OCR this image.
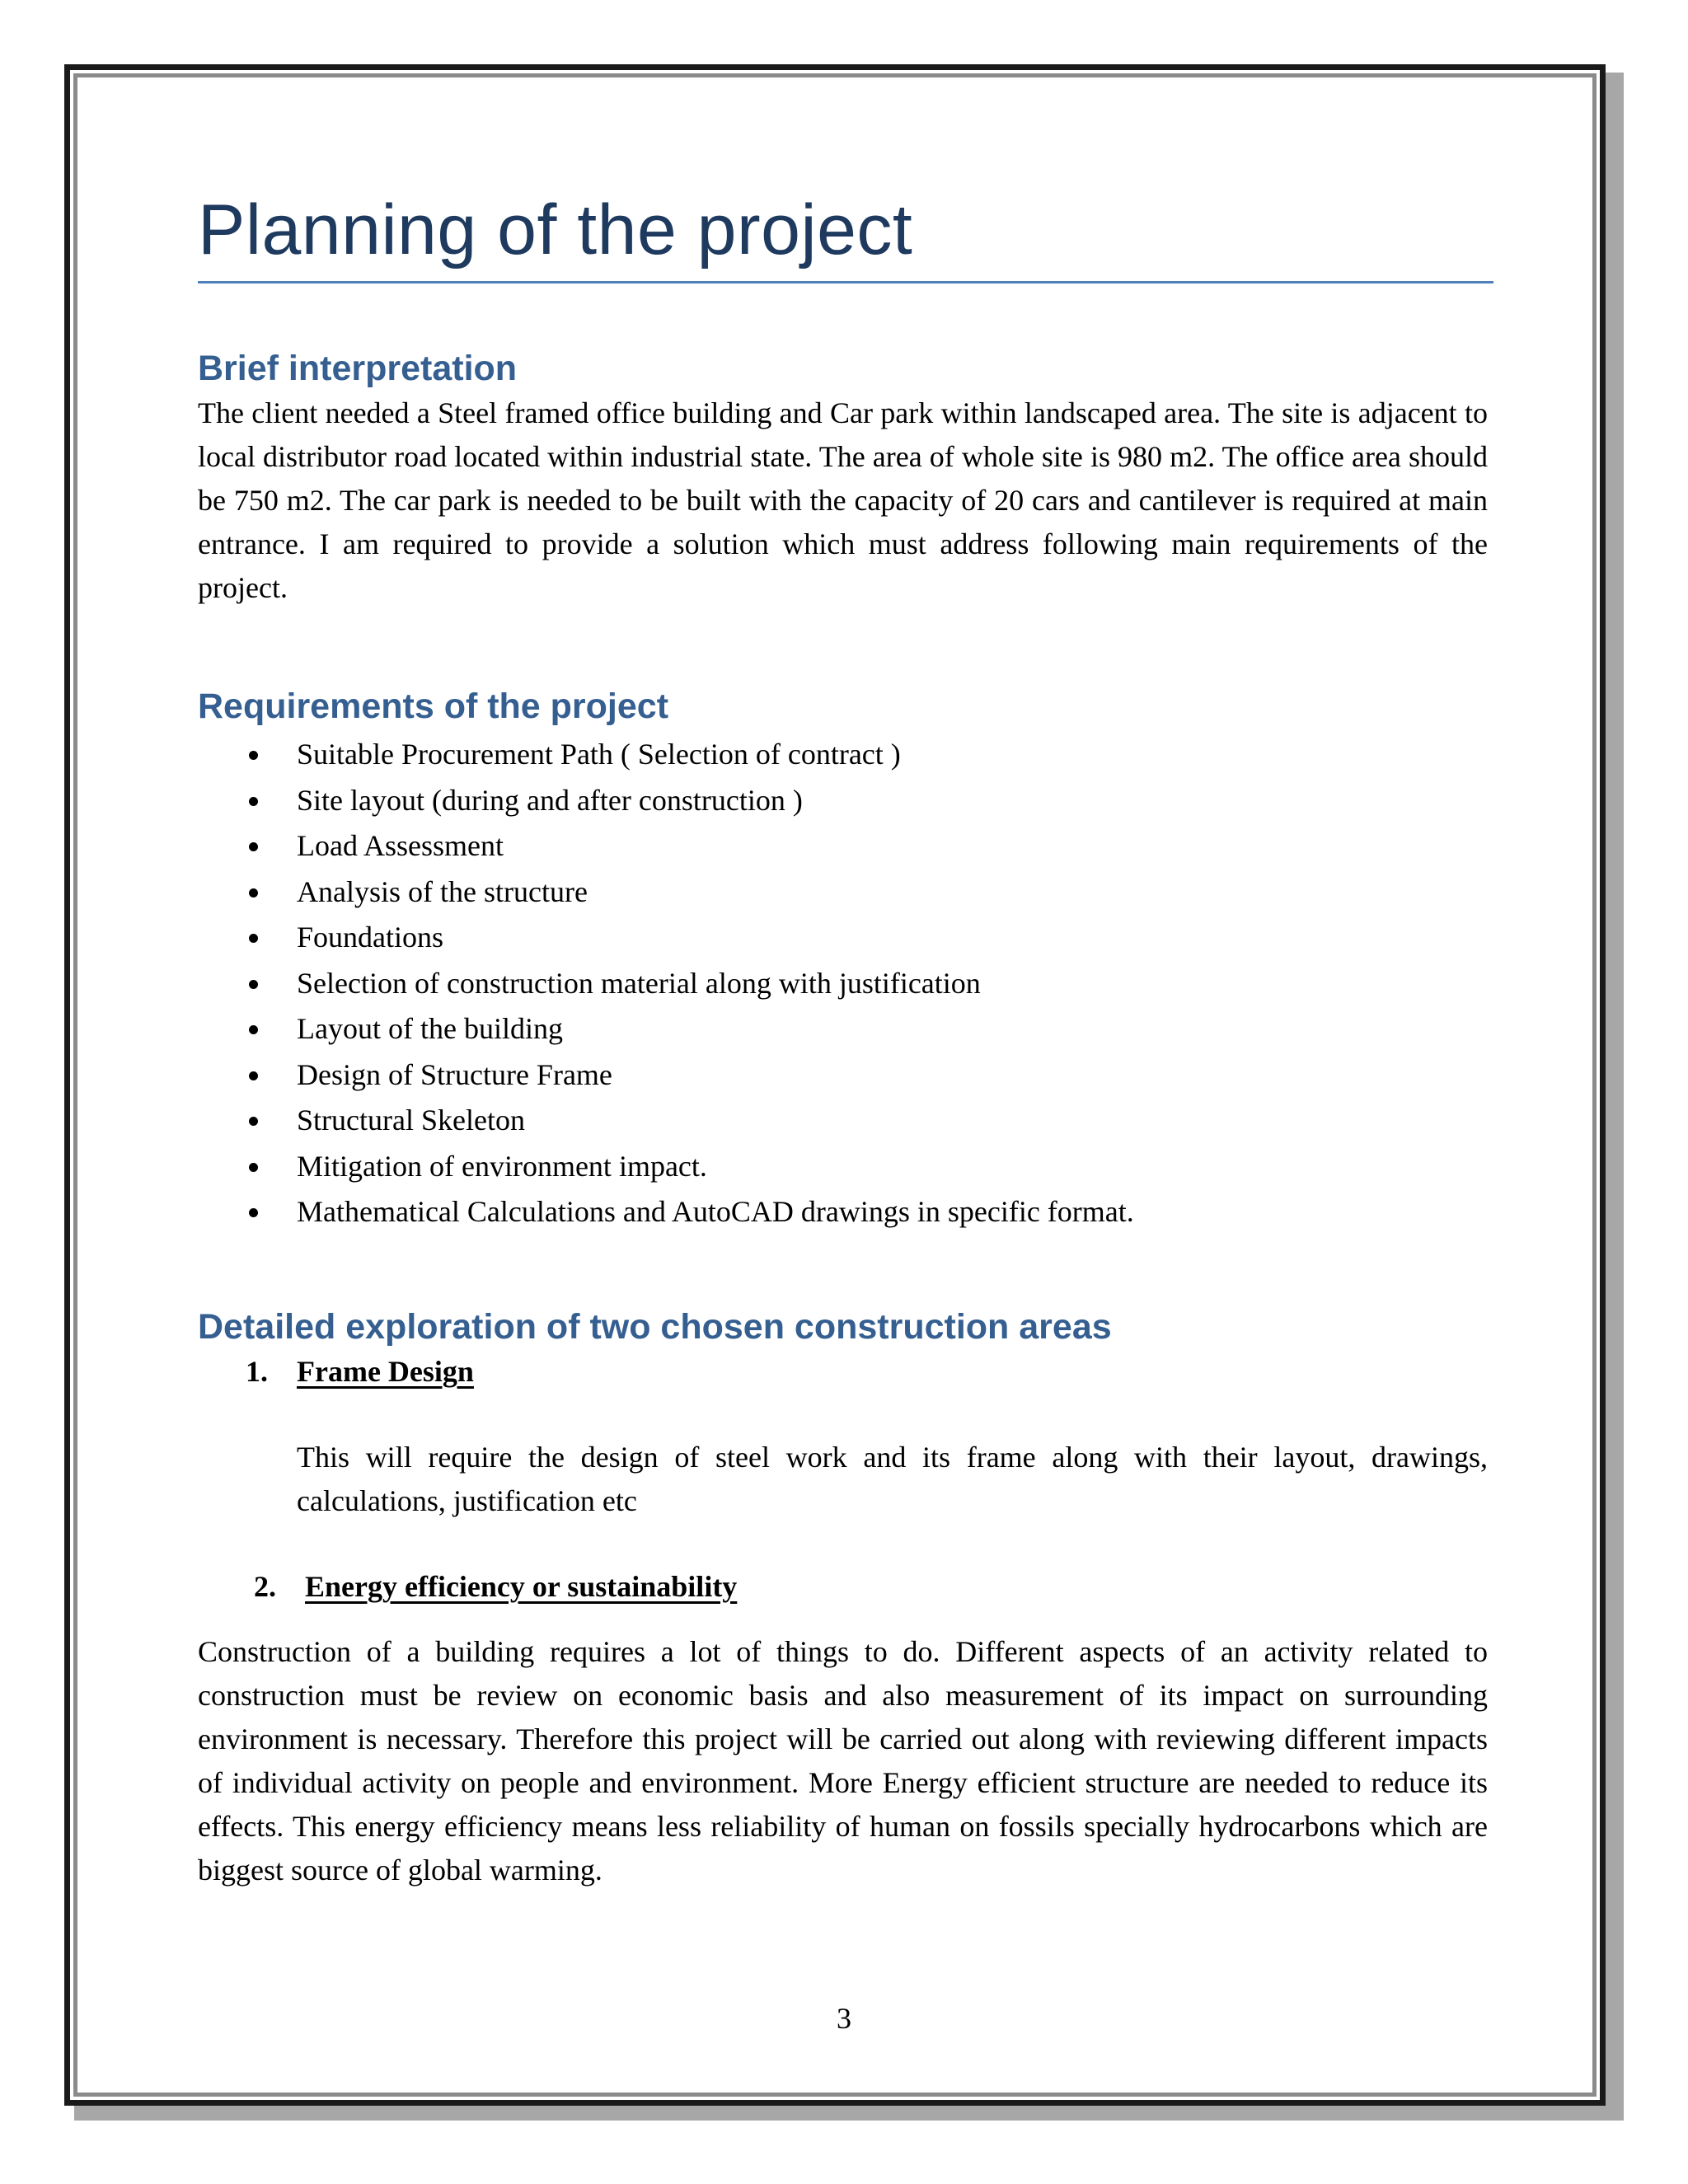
Planning of the project
Brief interpretation

The client needed a Steel framed office building and Car park within landscaped area. The site is adjacent to local distributor road located within industrial state. The area of whole site is 980 m2. The office area should be 750 m2. The car park is needed to be built with the capacity of 20 cars and cantilever is required at main entrance. I am required to provide a solution which must address following main requirements of the project.

Requirements of the project
Suitable Procurement Path ( Selection of contract )
Site layout (during and after construction )
Load Assessment
Analysis of the structure
Foundations
Selection of construction material along with justification
Layout of the building
Design of Structure Frame
Structural Skeleton
Mitigation of environment impact.
Mathematical Calculations and AutoCAD drawings in specific format.
Detailed exploration of two chosen construction areas
1. Frame Design

This will require the design of steel work and its frame along with their layout, drawings, calculations, justification etc

2. Energy efficiency or sustainability

Construction of a building requires a lot of things to do. Different aspects of an activity related to construction must be review on economic basis and also measurement of its impact on surrounding environment is necessary. Therefore this project will be carried out along with reviewing different impacts of individual activity on people and environment. More Energy efficient structure are needed to reduce its effects. This energy efficiency means less reliability of human on fossils specially hydrocarbons which are biggest source of global warming.

3
